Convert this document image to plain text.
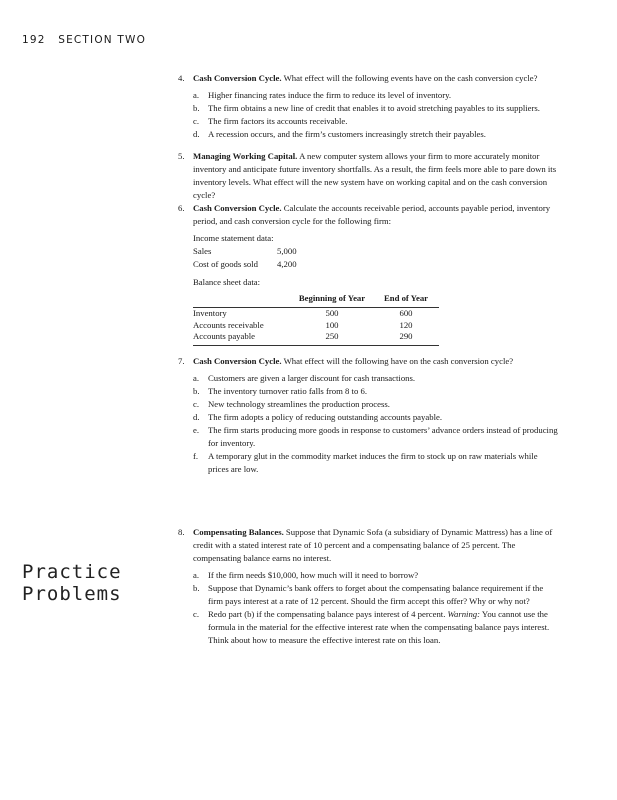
192 SECTION TWO
Practice
Problems
4. Cash Conversion Cycle. What effect will the following events have on the cash conversion cycle?
a. Higher financing rates induce the firm to reduce its level of inventory.
b. The firm obtains a new line of credit that enables it to avoid stretching payables to its suppliers.
c. The firm factors its accounts receivable.
d. A recession occurs, and the firm’s customers increasingly stretch their payables.
5. Managing Working Capital. A new computer system allows your firm to more accurately monitor inventory and anticipate future inventory shortfalls. As a result, the firm feels more able to pare down its inventory levels. What effect will the new system have on working capital and on the cash conversion cycle?
6. Cash Conversion Cycle. Calculate the accounts receivable period, accounts payable period, inventory period, and cash conversion cycle for the following firm:
Income statement data:
Sales	5,000
Cost of goods sold	4,200
Balance sheet data:
	Beginning of Year	End of Year
Inventory	500	600
Accounts receivable	100	120
Accounts payable	250	290
7. Cash Conversion Cycle. What effect will the following have on the cash conversion cycle?
a. Customers are given a larger discount for cash transactions.
b. The inventory turnover ratio falls from 8 to 6.
c. New technology streamlines the production process.
d. The firm adopts a policy of reducing outstanding accounts payable.
e. The firm starts producing more goods in response to customers’ advance orders instead of producing for inventory.
f. A temporary glut in the commodity market induces the firm to stock up on raw materials while prices are low.
8. Compensating Balances. Suppose that Dynamic Sofa (a subsidiary of Dynamic Mattress) has a line of credit with a stated interest rate of 10 percent and a compensating balance of 25 percent. The compensating balance earns no interest.
a. If the firm needs $10,000, how much will it need to borrow?
b. Suppose that Dynamic’s bank offers to forget about the compensating balance requirement if the firm pays interest at a rate of 12 percent. Should the firm accept this offer? Why or why not?
c. Redo part (b) if the compensating balance pays interest of 4 percent. Warning: You cannot use the formula in the material for the effective interest rate when the compensating balance pays interest. Think about how to measure the effective interest rate on this loan.
